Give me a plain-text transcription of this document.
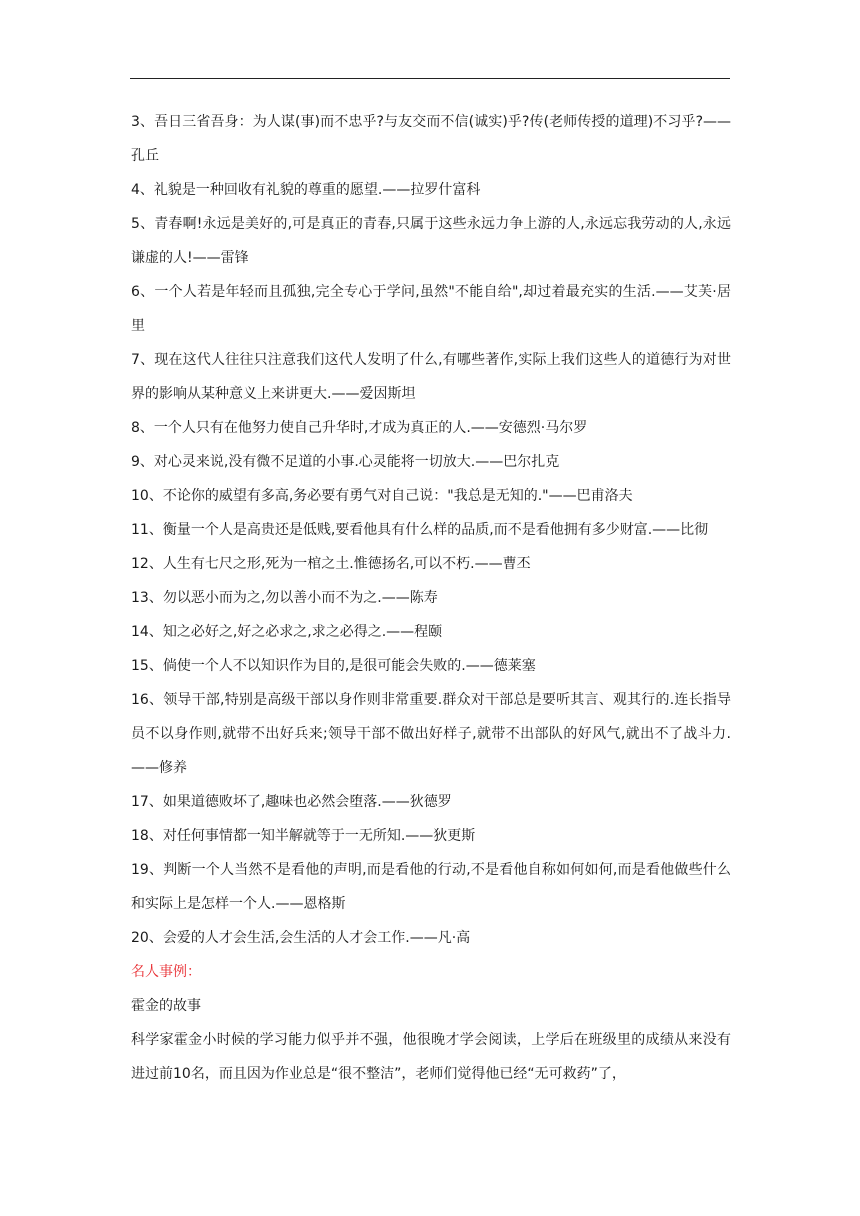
3、吾日三省吾身：为人谋(事)而不忠乎?与友交而不信(诚实)乎?传(老师传授的道理)不习乎?——孔丘

4、礼貌是一种回收有礼貌的尊重的愿望.——拉罗什富科

5、青春啊!永远是美好的,可是真正的青春,只属于这些永远力争上游的人,永远忘我劳动的人,永远谦虚的人!——雷锋

6、一个人若是年轻而且孤独,完全专心于学问,虽然"不能自给",却过着最充实的生活.——艾芙·居里

7、现在这代人往往只注意我们这代人发明了什么,有哪些著作,实际上我们这些人的道德行为对世界的影响从某种意义上来讲更大.——爱因斯坦

8、一个人只有在他努力使自己升华时,才成为真正的人.——安德烈·马尔罗

9、对心灵来说,没有微不足道的小事.心灵能将一切放大.——巴尔扎克

10、不论你的威望有多高,务必要有勇气对自己说："我总是无知的."——巴甫洛夫

11、衡量一个人是高贵还是低贱,要看他具有什么样的品质,而不是看他拥有多少财富.——比彻

12、人生有七尺之形,死为一棺之土.惟德扬名,可以不朽.——曹丕

13、勿以恶小而为之,勿以善小而不为之.——陈寿

14、知之必好之,好之必求之,求之必得之.——程颐

15、倘使一个人不以知识作为目的,是很可能会失败的.——德莱塞

16、领导干部,特别是高级干部以身作则非常重要.群众对干部总是要听其言、观其行的.连长指导员不以身作则,就带不出好兵来;领导干部不做出好样子,就带不出部队的好风气,就出不了战斗力. ——修养

17、如果道德败坏了,趣味也必然会堕落.——狄德罗

18、对任何事情都一知半解就等于一无所知.——狄更斯

19、判断一个人当然不是看他的声明,而是看他的行动,不是看他自称如何如何,而是看他做些什么和实际上是怎样一个人.——恩格斯

20、会爱的人才会生活,会生活的人才会工作.——凡·高

名人事例：

霍金的故事

科学家霍金小时候的学习能力似乎并不强，他很晚才学会阅读，上学后在班级里的成绩从来没有进过前10名，而且因为作业总是“很不整洁”，老师们觉得他已经“无可救药”了，
